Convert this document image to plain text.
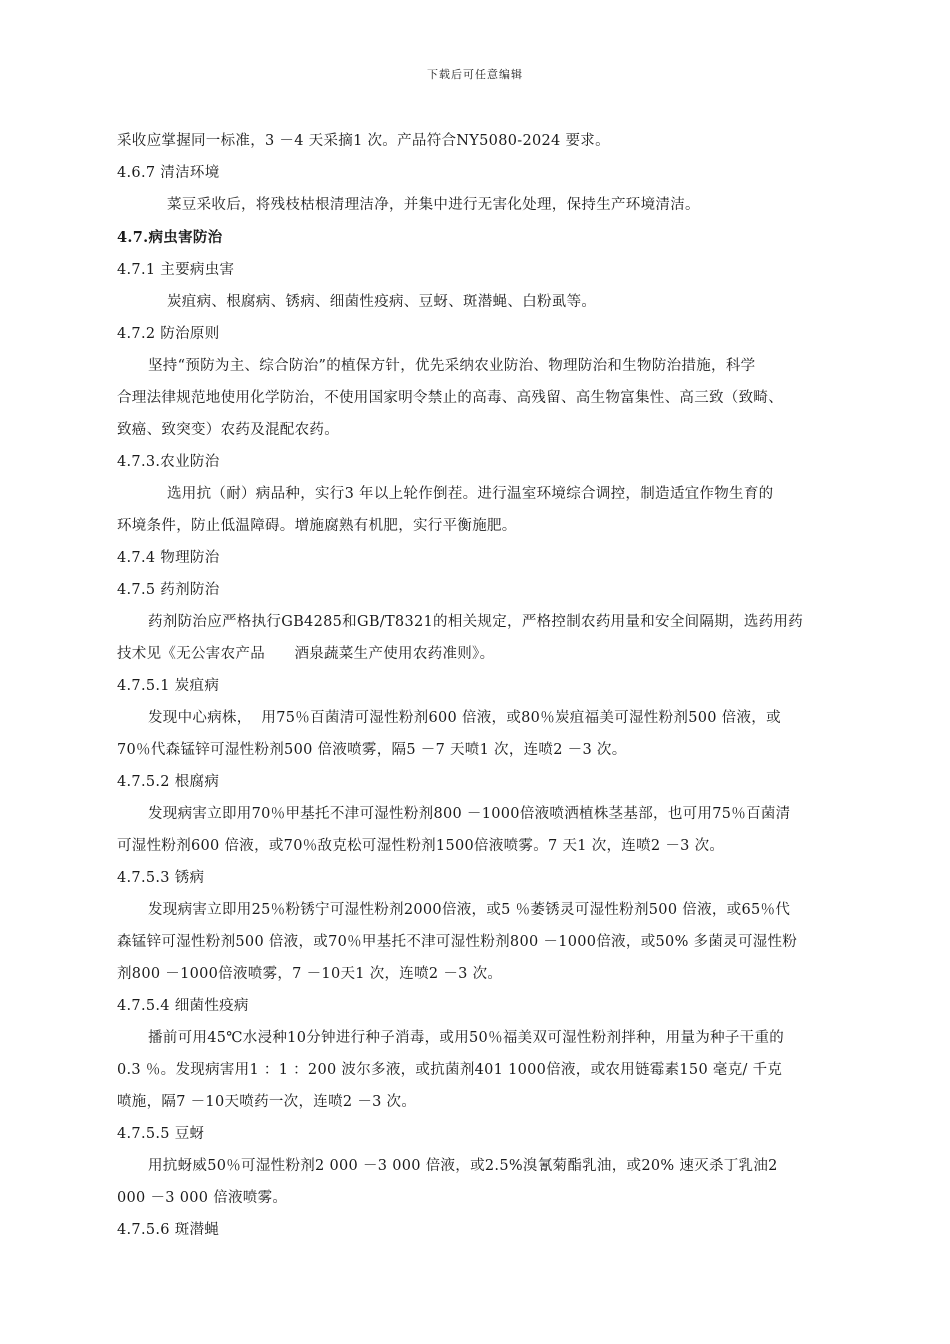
下载后可任意编辑
采收应掌握同一标准，3 －4 天采摘1 次。产品符合NY5080-2024 要求。
4.6.7 清洁环境
菜豆采收后，将残枝枯根清理洁净，并集中进行无害化处理，保持生产环境清洁。
4.7.病虫害防治
4.7.1 主要病虫害
炭疽病、根腐病、锈病、细菌性疫病、豆蚜、斑潜蝇、白粉虱等。
4.7.2 防治原则
坚持“预防为主、综合防治”的植保方针，优先采纳农业防治、物理防治和生物防治措施，科学
合理法律规范地使用化学防治，不使用国家明令禁止的高毒、高残留、高生物富集性、高三致（致畸、
致癌、致突变）农药及混配农药。
4.7.3.农业防治
选用抗（耐）病品种，实行3 年以上轮作倒茬。进行温室环境综合调控，制造适宜作物生育的
环境条件，防止低温障碍。增施腐熟有机肥，实行平衡施肥。
4.7.4 物理防治
4.7.5 药剂防治
药剂防治应严格执行GB4285和GB/T8321的相关规定，严格控制农药用量和安全间隔期，选药用药
技术见《无公害农产品      酒泉蔬菜生产使用农药准则》。
4.7.5.1 炭疽病
发现中心病株，  用75％百菌清可湿性粉剂600 倍液，或80％炭疽福美可湿性粉剂500 倍液，或
70％代森锰锌可湿性粉剂500 倍液喷雾，隔5 －7 天喷1 次，连喷2 －3 次。
4.7.5.2 根腐病
发现病害立即用70％甲基托不津可湿性粉剂800 －1000倍液喷洒植株茎基部，也可用75％百菌清
可湿性粉剂600 倍液，或70％敌克松可湿性粉剂1500倍液喷雾。7 天1 次，连喷2 －3 次。
4.7.5.3 锈病
发现病害立即用25％粉锈宁可湿性粉剂2000倍液，或5 ％萎锈灵可湿性粉剂500 倍液，或65％代
森锰锌可湿性粉剂500 倍液，或70％甲基托不津可湿性粉剂800 －1000倍液，或50% 多菌灵可湿性粉
剂800 －1000倍液喷雾，7 －10天1 次，连喷2 －3 次。
4.7.5.4 细菌性疫病
播前可用45℃水浸种10分钟进行种子消毒，或用50％福美双可湿性粉剂拌种，用量为种子干重的
0.3 ％。发现病害用1 ：1 ：200 波尔多液，或抗菌剂401 1000倍液，或农用链霉素150 毫克/ 千克
喷施，隔7 －10天喷药一次，连喷2 －3 次。
4.7.5.5 豆蚜
用抗蚜威50％可湿性粉剂2 000 －3 000 倍液，或2.5%溴氰菊酯乳油，或20% 速灭杀丁乳油2
000 －3 000 倍液喷雾。
4.7.5.6 斑潜蝇
